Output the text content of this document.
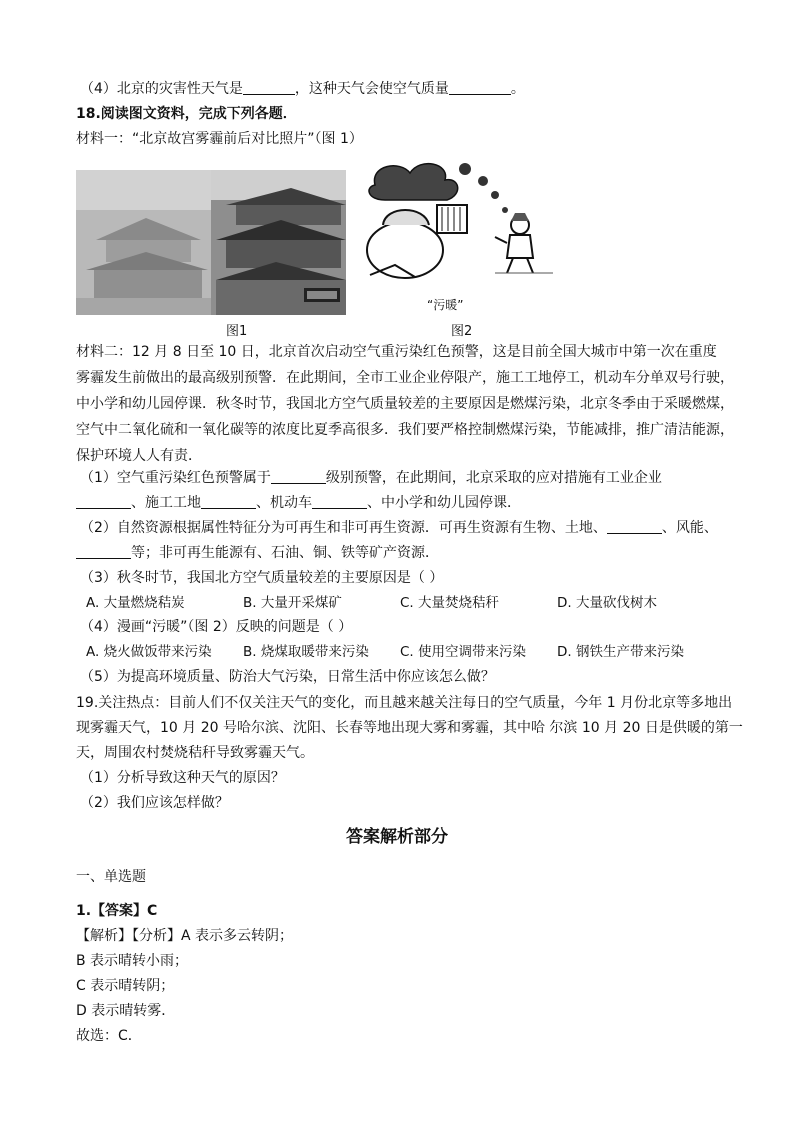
（4）北京的灾害性天气是	，这种天气会使空气质量	。
18.阅读图文资料，完成下列各题．
材料一：“北京故宫雾霾前后对比照片”（图 1）
“污暖”
图1	图2
材料二：12 月 8 日至 10 日，北京首次启动空气重污染红色预警，这是目前全国大城市中第一次在重度
雾霾发生前做出的最高级别预警．在此期间，全市工业企业停限产，施工工地停工，机动车分单双号行驶，
中小学和幼儿园停课．秋冬时节，我国北方空气质量较差的主要原因是燃煤污染，北京冬季由于采暖燃煤，
空气中二氧化硫和一氧化碳等的浓度比夏季高很多．我们要严格控制燃煤污染，节能减排，推广清洁能源，
保护环境人人有责．
（1）空气重污染红色预警属于	级别预警，在此期间，北京采取的应对措施有工业企业
、施工工地	、机动车	、中小学和幼儿园停课．
（2）自然资源根据属性特征分为可再生和非可再生资源．可再生资源有生物、土地、	、风能、
等；非可再生能源有、石油、铜、铁等矿产资源．
（3）秋冬时节，我国北方空气质量较差的主要原因是（ ）
A. 大量燃烧秸炭	B. 大量开采煤矿	C. 大量焚烧秸秆	D. 大量砍伐树木
（4）漫画“污暖”（图 2）反映的问题是（ ）
A. 烧火做饭带来污染 B. 烧煤取暖带来污染 C. 使用空调带来污染 D. 钢铁生产带来污染
（5）为提高环境质量、防治大气污染，日常生活中你应该怎么做？
19.关注热点：目前人们不仅关注天气的变化，而且越来越关注每日的空气质量，今年 1 月份北京等多地出
现雾霾天气，10 月 20 号哈尔滨、沈阳、长春等地出现大雾和雾霾，其中哈 尔滨 10 月 20 日是供暖的第一
天，周围农村焚烧秸秆导致雾霾天气。
（1）分析导致这种天气的原因？
（2）我们应该怎样做？
答案解析部分
一、单选题
1.【答案】C
【解析】【分析】A 表示多云转阴；
B 表示晴转小雨；
C 表示晴转阴；
D 表示晴转雾．
故选：C．
